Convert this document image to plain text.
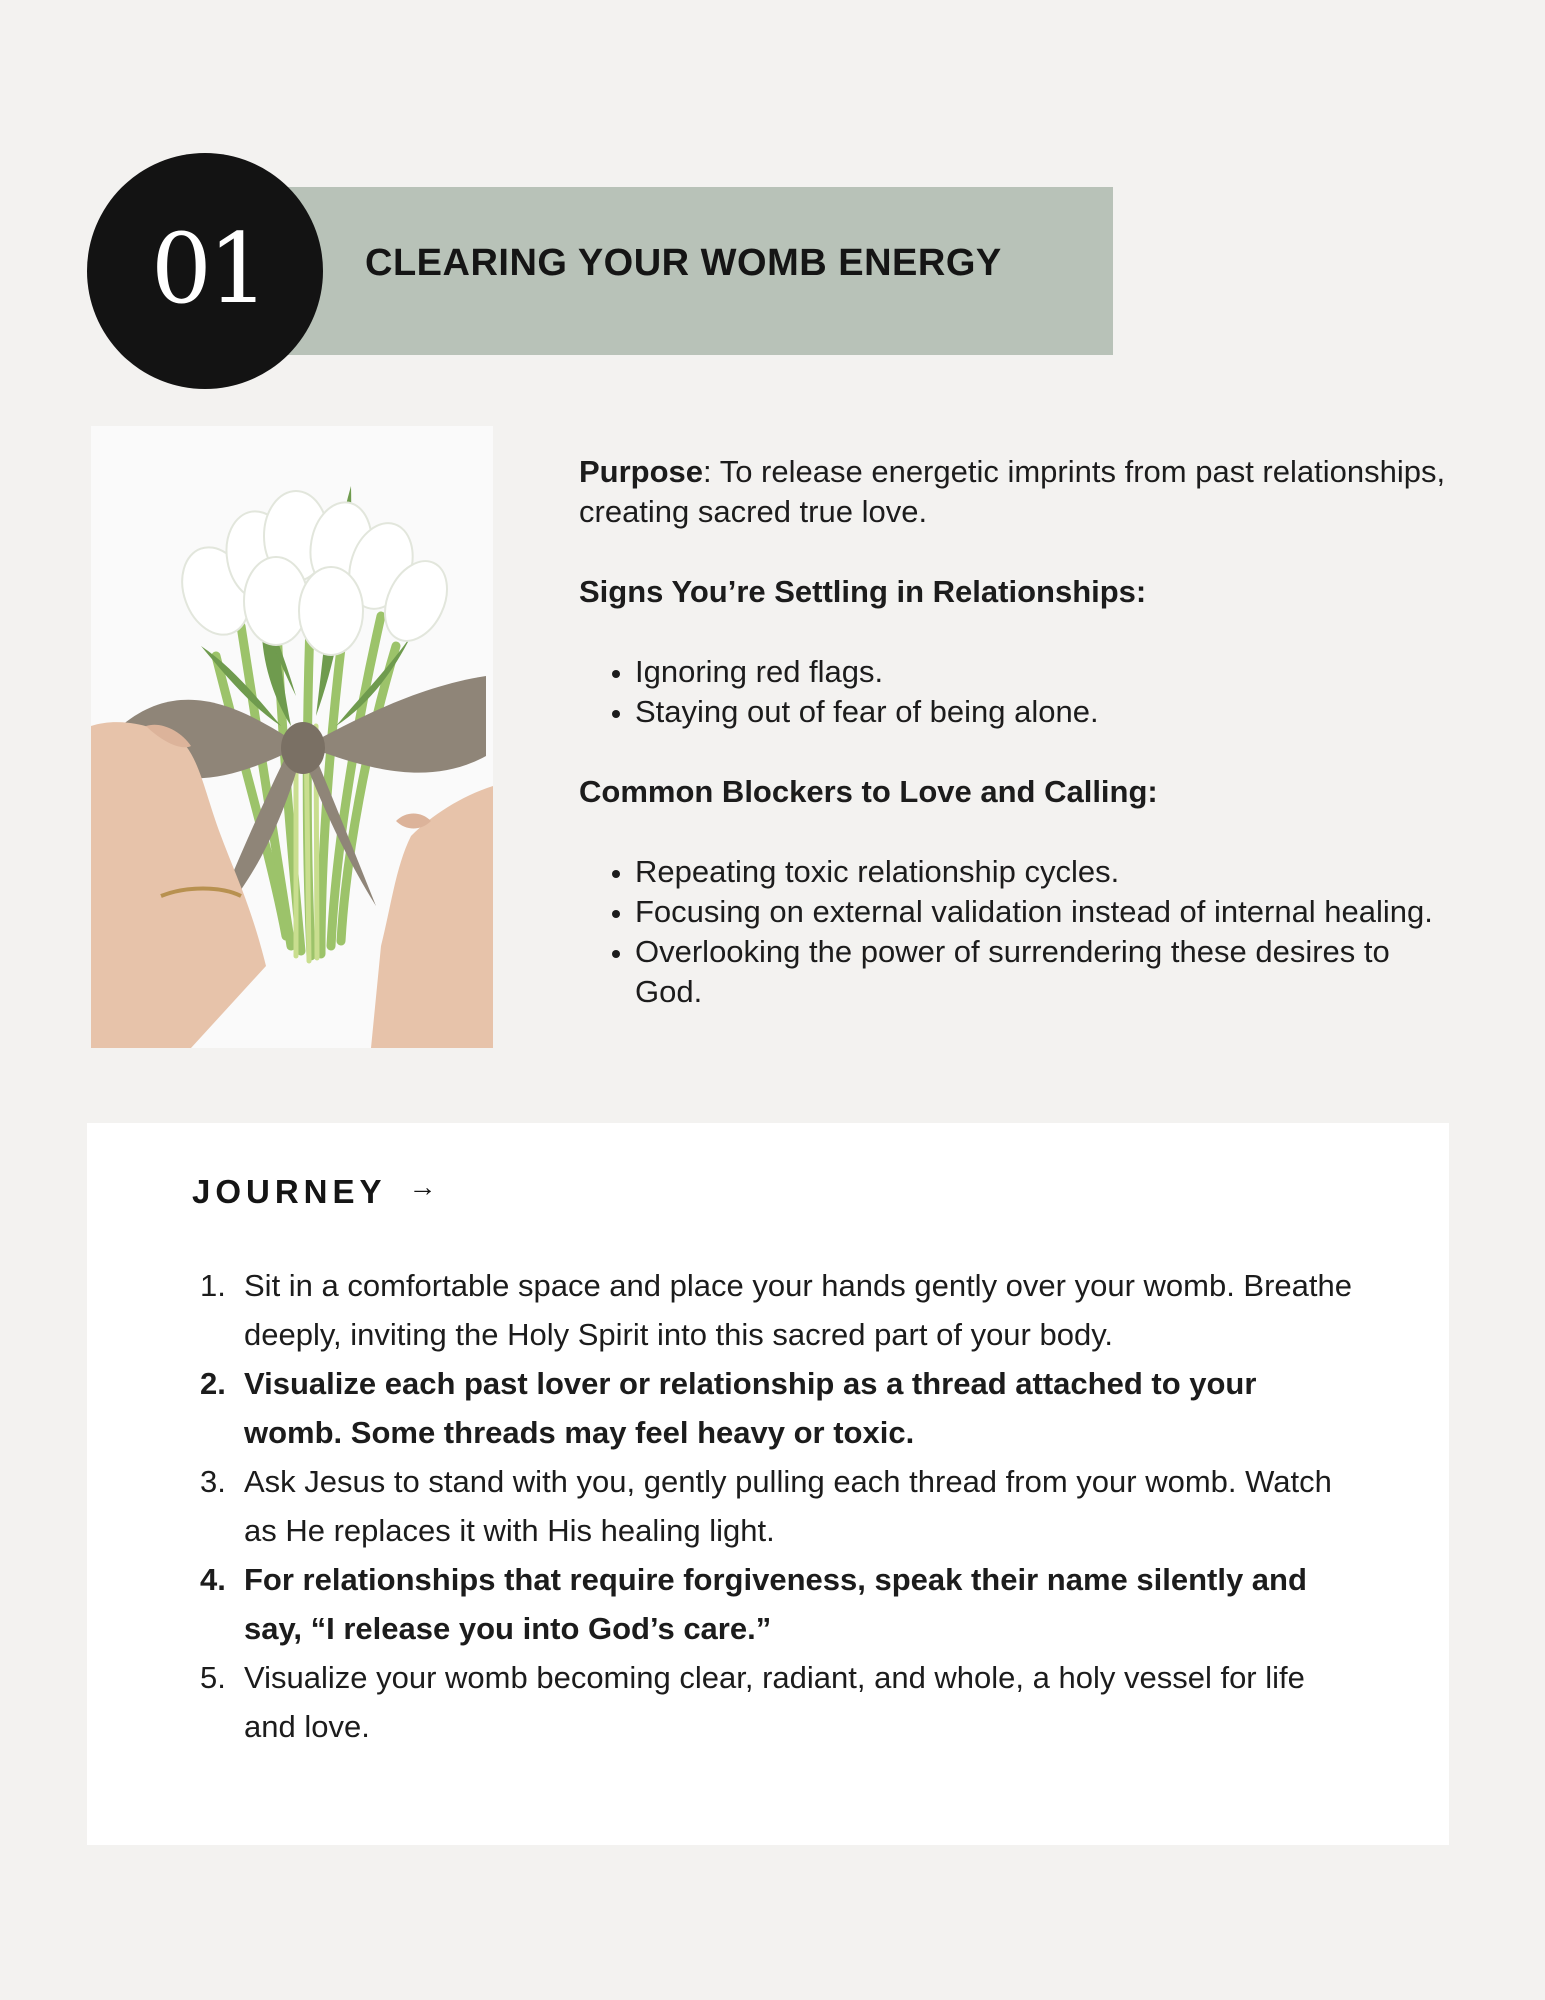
01	CLEARING YOUR WOMB ENERGY

Purpose: To release energetic imprints from past relationships, creating sacred true love.

Signs You’re Settling in Relationships:

• Ignoring red flags.
• Staying out of fear of being alone.

Common Blockers to Love and Calling:

• Repeating toxic relationship cycles.
• Focusing on external validation instead of internal healing.
• Overlooking the power of surrendering these desires to God.
JOURNEY →
1. Sit in a comfortable space and place your hands gently over your womb. Breathe deeply, inviting the Holy Spirit into this sacred part of your body.
2. Visualize each past lover or relationship as a thread attached to your womb. Some threads may feel heavy or toxic.
3. Ask Jesus to stand with you, gently pulling each thread from your womb. Watch as He replaces it with His healing light.
4. For relationships that require forgiveness, speak their name silently and say, “I release you into God’s care.”
5. Visualize your womb becoming clear, radiant, and whole, a holy vessel for life and love.
